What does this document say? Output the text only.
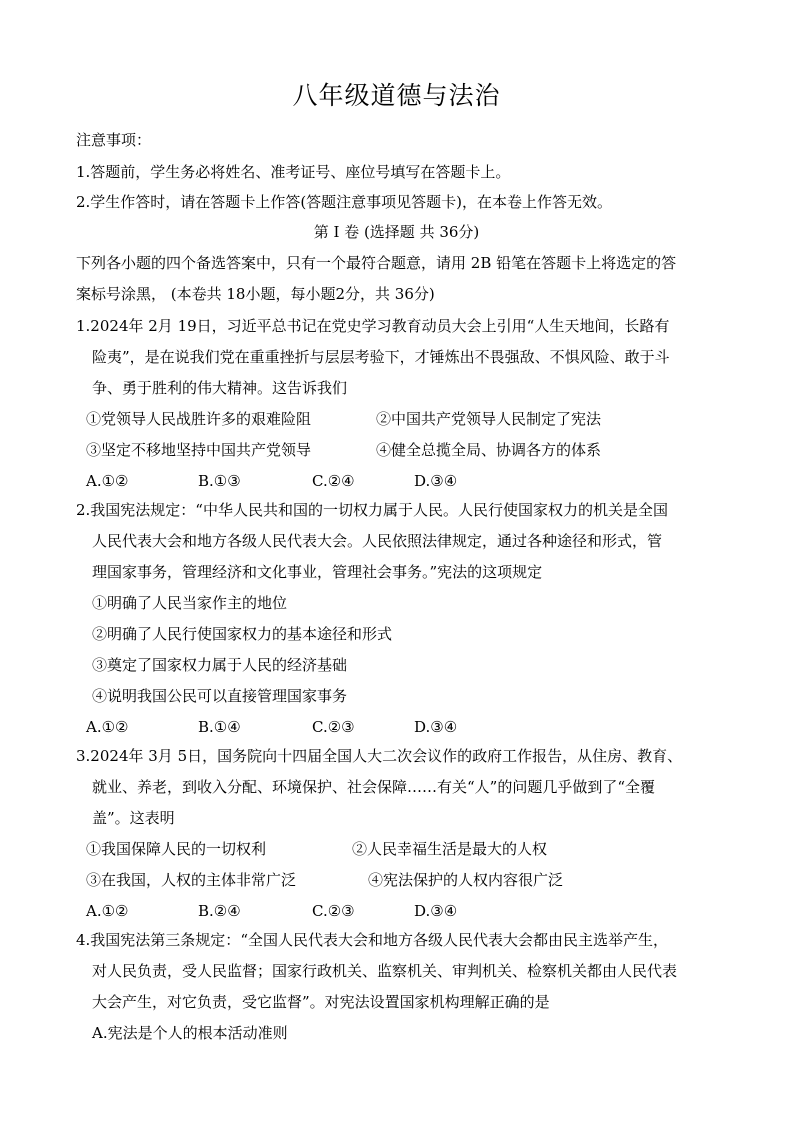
八年级道德与法治
注意事项：
1.答题前，学生务必将姓名、准考证号、座位号填写在答题卡上。
2.学生作答时，请在答题卡上作答(答题注意事项见答题卡)，在本卷上作答无效。
第 I 卷 (选择题 共 36分)
下列各小题的四个备选答案中，只有一个最符合题意，请用 2B 铅笔在答题卡上将选定的答
案标号涂黑， (本卷共 18小题，每小题2分，共 36分)
1.2024年 2月 19日，习近平总书记在党史学习教育动员大会上引用“人生天地间，长路有
险夷”，是在说我们党在重重挫折与层层考验下，才锤炼出不畏强敌、不惧风险、敢于斗
争、勇于胜利的伟大精神。这告诉我们
①党领导人民战胜许多的艰难险阻	②中国共产党领导人民制定了宪法
③坚定不移地坚持中国共产党领导	④健全总揽全局、协调各方的体系
A.①②	B.①③	C.②④	D.③④
2.我国宪法规定：“中华人民共和国的一切权力属于人民。人民行使国家权力的机关是全国
人民代表大会和地方各级人民代表大会。人民依照法律规定，通过各种途径和形式，管
理国家事务，管理经济和文化事业，管理社会事务。”宪法的这项规定
①明确了人民当家作主的地位
②明确了人民行使国家权力的基本途径和形式
③奠定了国家权力属于人民的经济基础
④说明我国公民可以直接管理国家事务
A.①②	B.①④	C.②③	D.③④
3.2024年 3月 5日，国务院向十四届全国人大二次会议作的政府工作报告，从住房、教育、
就业、养老，到收入分配、环境保护、社会保障……有关“人”的问题几乎做到了“全覆
盖”。这表明
①我国保障人民的一切权利	②人民幸福生活是最大的人权
③在我国，人权的主体非常广泛	④宪法保护的人权内容很广泛
A.①②	B.②④	C.②③	D.③④
4.我国宪法第三条规定：“全国人民代表大会和地方各级人民代表大会都由民主选举产生，
对人民负责，受人民监督；国家行政机关、监察机关、审判机关、检察机关都由人民代表
大会产生，对它负责，受它监督”。对宪法设置国家机构理解正确的是
A.宪法是个人的根本活动准则
